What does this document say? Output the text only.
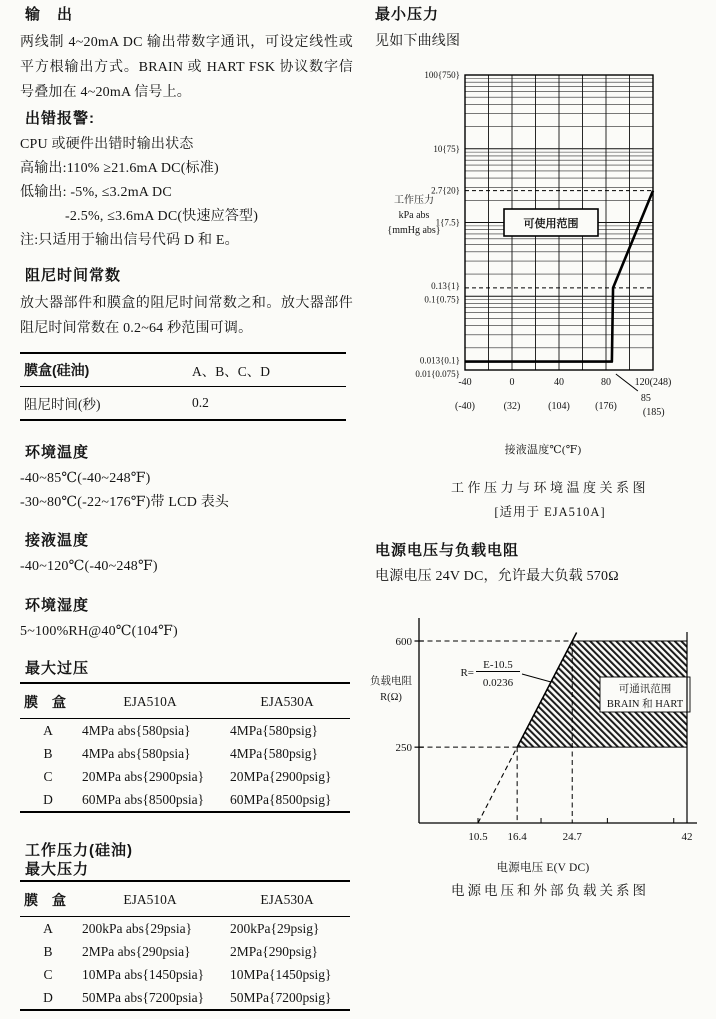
输　出
两线制 4~20mA DC 输出带数字通讯，可设定线性或平方根输出方式。BRAIN 或 HART FSK 协议数字信号叠加在 4~20mA 信号上。
出错报警:
CPU 或硬件出错时输出状态
高输出:110% ≥21.6mA DC(标准)
低输出: -5%, ≤3.2mA DC
-2.5%, ≤3.6mA DC(快速应答型)
注:只适用于输出信号代码 D 和 E。
阻尼时间常数
放大器部件和膜盒的阻尼时间常数之和。放大器部件阻尼时间常数在 0.2~64 秒范围可调。
膜盒(硅油)	A、B、C、D
阻尼时间(秒)	0.2
环境温度
-40~85℃(-40~248℉)
-30~80℃(-22~176℉)带 LCD 表头
接液温度
-40~120℃(-40~248℉)
环境湿度
5~100%RH@40℃(104℉)
最大过压
膜　盒	EJA510A	EJA530A
A	4MPa abs{580psia}	4MPa{580psig}
B	4MPa abs{580psia}	4MPa{580psig}
C	20MPa abs{2900psia}	20MPa{2900psig}
D	60MPa abs{8500psia}	60MPa{8500psig}
工作压力(硅油)
最大压力
膜　盒	EJA510A	EJA530A
A	200kPa abs{29psia}	200kPa{29psig}
B	2MPa abs{290psia}	2MPa{290psig}
C	10MPa abs{1450psia}	10MPa{1450psig}
D	50MPa abs{7200psia}	50MPa{7200psig}
最小压力
见如下曲线图
100{750}
10{75}
2.7{20}
1{7.5}
0.13{1}
0.1{0.75}
0.013{0.1}
0.01{0.075}
-40
(-40)
0
(32)
40
(104)
80
(176)
120(248)
工作压力
kPa abs
{mmHg abs}
可使用范围
85
(185)
接液温度℃(℉)
工作压力与环境温度关系图
[适用于 EJA510A]
电源电压与负载电阻
电源电压 24V DC，允许最大负载 570Ω
可通讯范围
BRAIN 和 HART
600
250
10.5 16.4	24.7	42
负载电阻
R(Ω)
R=
E-10.5
0.0236
电源电压 E(V DC)
电源电压和外部负载关系图
